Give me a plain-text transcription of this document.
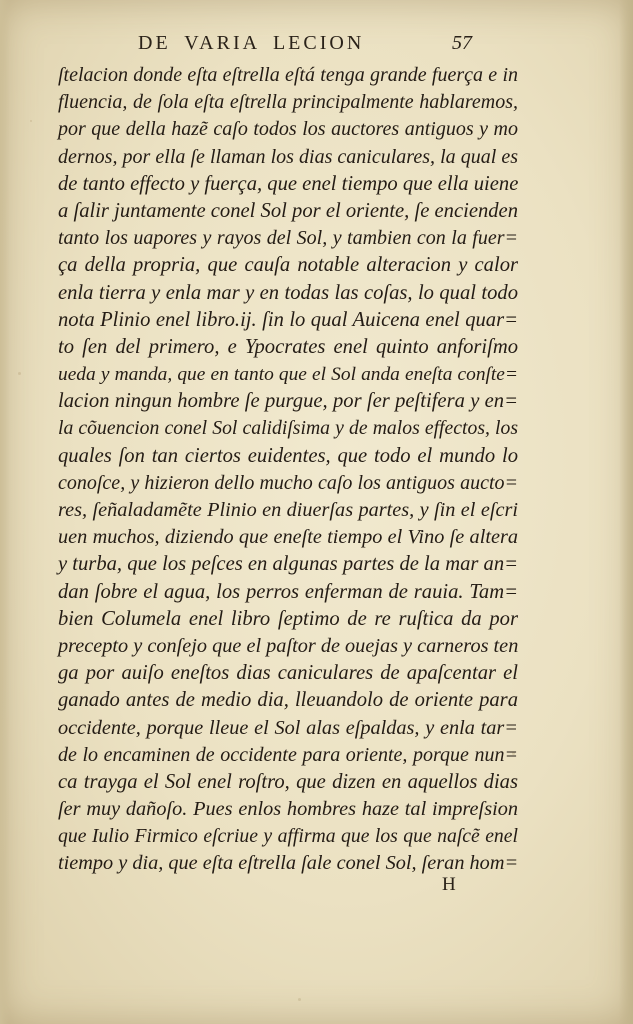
DE VARIA LECION	57
ſtelacion donde eſta eſtrella eſtá tenga grande fuerça e in
fluencia, de ſola eſta eſtrella principalmente hablaremos,
por que della hazẽ caſo todos los auctores antiguos y mo
dernos, por ella ſe llaman los dias caniculares, la qual es
de tanto effecto y fuerça, que enel tiempo que ella uiene
a ſalir juntamente conel Sol por el oriente, ſe encienden
tanto los uapores y rayos del Sol, y tambien con la fuer=
ça della propria, que cauſa notable alteracion y calor
enla tierra y enla mar y en todas las coſas, lo qual todo
nota Plinio enel libro.ij. ſin lo qual Auicena enel quar=
to ſen del primero, e Ypocrates enel quinto anforiſmo
ueda y manda, que en tanto que el Sol anda eneſta conſte=
lacion ningun hombre ſe purgue, por ſer peſtifera y en=
la cõuencion conel Sol calidiſsima y de malos effectos, los
quales ſon tan ciertos euidentes, que todo el mundo lo
conoſce, y hizieron dello mucho caſo los antiguos aucto=
res, ſeñaladamẽte Plinio en diuerſas partes, y ſin el eſcri
uen muchos, diziendo que eneſte tiempo el Vino ſe altera
y turba, que los peſces en algunas partes de la mar an=
dan ſobre el agua, los perros enferman de rauia. Tam=
bien Columela enel libro ſeptimo de re ruſtica da por
precepto y conſejo que el paſtor de ouejas y carneros ten
ga por auiſo eneſtos dias caniculares de apaſcentar el
ganado antes de medio dia, lleuandolo de oriente para
occidente, porque lleue el Sol alas eſpaldas, y enla tar=
de lo encaminen de occidente para oriente, porque nun=
ca trayga el Sol enel roſtro, que dizen en aquellos dias
ſer muy dañoſo. Pues enlos hombres haze tal impreſsion
que Iulio Firmico eſcriue y affirma que los que naſcẽ enel
tiempo y dia, que eſta eſtrella ſale conel Sol, ſeran hom=
H
